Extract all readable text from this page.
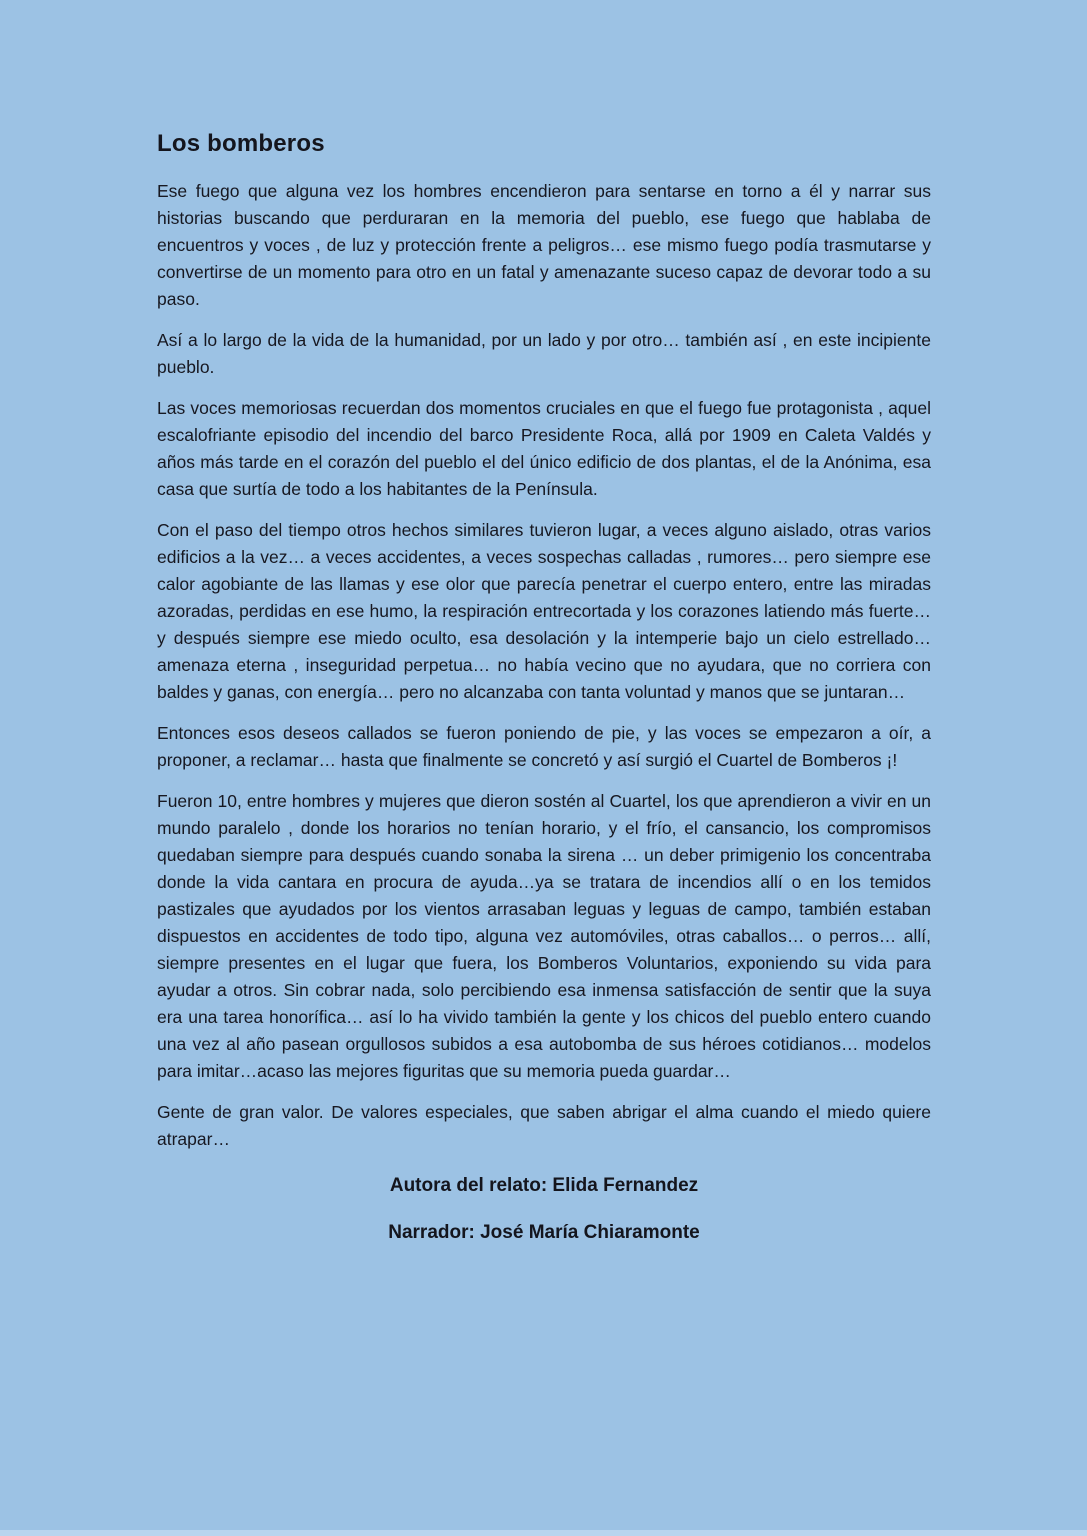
Los bomberos

Ese fuego que alguna vez los hombres encendieron para sentarse en torno a él y narrar sus historias buscando que perduraran en la memoria del pueblo, ese fuego que hablaba de encuentros y voces , de luz y protección frente a peligros… ese mismo fuego podía trasmutarse y convertirse de un momento para otro en un fatal y amenazante suceso capaz de devorar todo a su paso.

Así a lo largo de la vida de la humanidad, por un lado y por otro… también así , en este incipiente pueblo.

Las voces memoriosas recuerdan dos momentos cruciales en que el fuego fue protagonista , aquel escalofriante episodio del incendio del barco Presidente Roca, allá por 1909 en Caleta Valdés y años más tarde en el corazón del pueblo el del único edificio de dos plantas, el de la Anónima, esa casa que surtía de todo a los habitantes de la Península.

Con el paso del tiempo otros hechos similares tuvieron lugar, a veces alguno aislado, otras varios edificios a la vez… a veces accidentes, a veces sospechas calladas , rumores… pero siempre ese calor agobiante de las llamas y ese olor que parecía penetrar el cuerpo entero, entre las miradas azoradas, perdidas en ese humo, la respiración entrecortada y los corazones latiendo más fuerte… y después siempre ese miedo oculto, esa desolación y la intemperie bajo un cielo estrellado…amenaza eterna , inseguridad perpetua… no había vecino que no ayudara, que no corriera con baldes y ganas, con energía… pero no alcanzaba con tanta voluntad y manos que se juntaran…

Entonces esos deseos callados se fueron poniendo de pie, y las voces se empezaron a oír, a proponer, a reclamar… hasta que finalmente se concretó y así surgió el Cuartel de Bomberos ¡!

Fueron 10, entre hombres y mujeres que dieron sostén al Cuartel, los que aprendieron a vivir en un mundo paralelo , donde los horarios no tenían horario, y el frío, el cansancio, los compromisos quedaban siempre para después cuando sonaba la sirena … un deber primigenio los concentraba donde la vida cantara en procura de ayuda…ya se tratara de incendios allí o en los temidos pastizales que ayudados por los vientos arrasaban leguas y leguas de campo, también estaban dispuestos en accidentes de todo tipo, alguna vez automóviles, otras caballos… o perros… allí, siempre presentes en el lugar que fuera, los Bomberos Voluntarios, exponiendo su vida para ayudar a otros. Sin cobrar nada, solo percibiendo esa inmensa satisfacción de sentir que la suya era una tarea honorífica… así lo ha vivido también la gente y los chicos del pueblo entero cuando una vez al año pasean orgullosos subidos a esa autobomba de sus héroes cotidianos… modelos para imitar…acaso las mejores figuritas que su memoria pueda guardar…

Gente de gran valor. De valores especiales, que saben abrigar el alma cuando el miedo quiere atrapar…

Autora del relato: Elida Fernandez

Narrador: José María Chiaramonte
